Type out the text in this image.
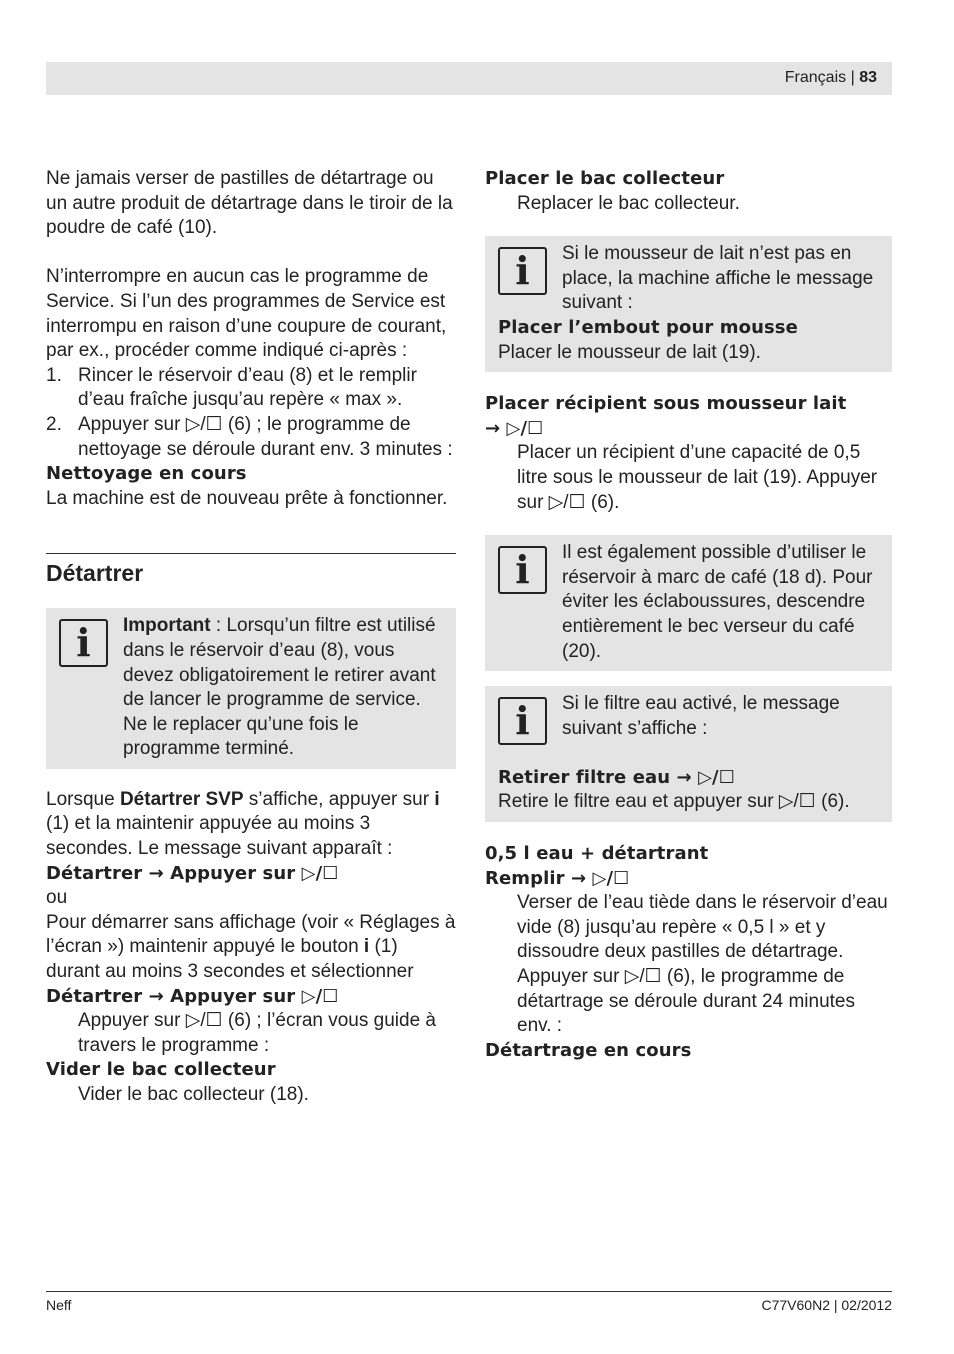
Français | 83

Ne jamais verser de pastilles de détartrage ou un autre produit de détartrage dans le tiroir de la poudre de café (10).

N’interrompre en aucun cas le programme de Service. Si l’un des programmes de Service est interrompu en raison d’une coupure de courant, par ex., procéder comme indiqué ci-après :

1. Rincer le réservoir d’eau (8) et le remplir d’eau fraîche jusqu’au repère « max ».
2. Appuyer sur ▷/☐ (6) ; le programme de nettoyage se déroule durant env. 3 minutes :

Nettoyage en cours

La machine est de nouveau prête à fonctionner.

Détartrer
i	Important : Lorsqu’un filtre est utilisé dans le réservoir d’eau (8), vous devez obligatoirement le retirer avant de lancer le programme de service. Ne le replacer qu’une fois le programme terminé.

Lorsque Détartrer SVP s’affiche, appuyer sur i (1) et la maintenir appuyée au moins 3 secondes. Le message suivant apparaît :

Détartrer → Appuyer sur ▷/☐

ou

Pour démarrer sans affichage (voir « Réglages à l’écran ») maintenir appuyé le bouton i (1) durant au moins 3 secondes et sélectionner

Détartrer → Appuyer sur ▷/☐

Appuyer sur ▷/☐ (6) ; l’écran vous guide à travers le programme :

Vider le bac collecteur

Vider le bac collecteur (18).

Placer le bac collecteur

Replacer le bac collecteur.

i	Si le mousseur de lait n’est pas en place, la machine affiche le message suivant :

Placer l’embout pour mousse

Placer le mousseur de lait (19).

Placer récipient sous mousseur lait

→ ▷/☐

Placer un récipient d’une capacité de 0,5 litre sous le mousseur de lait (19). Appuyer sur ▷/☐ (6).

i	Il est également possible d’utiliser le réservoir à marc de café (18 d). Pour éviter les éclaboussures, descendre entièrement le bec verseur du café (20).
i	Si le filtre eau activé, le message suivant s’affiche :

Retirer filtre eau → ▷/☐

Retire le filtre eau et appuyer sur ▷/☐ (6).

0,5 l eau + détartrant

Remplir → ▷/☐

Verser de l’eau tiède dans le réservoir d’eau vide (8) jusqu’au repère « 0,5 l » et y dissoudre deux pastilles de détartrage. Appuyer sur ▷/☐ (6), le programme de détartrage se déroule durant 24 minutes env. :

Détartrage en cours

Neff	C77V60N2 | 02/2012
